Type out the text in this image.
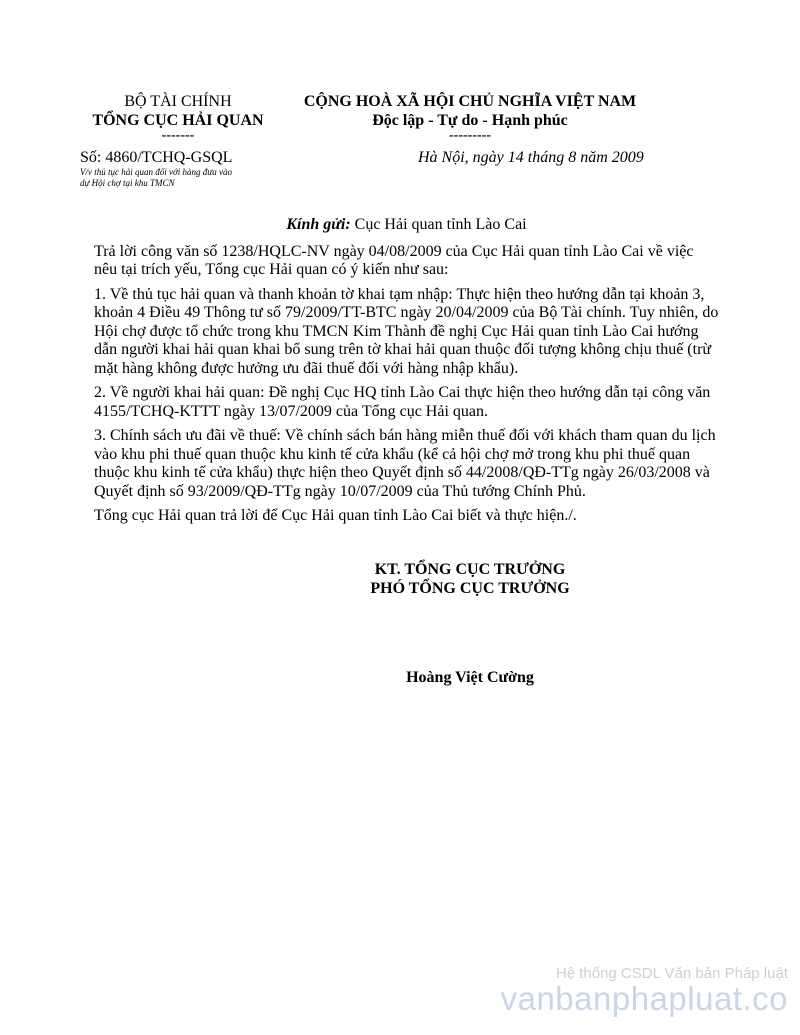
BỘ TÀI CHÍNH
TỔNG CỤC HẢI QUAN
-------
CỘNG HOÀ XÃ HỘI CHỦ NGHĨA VIỆT NAM
Độc lập - Tự do - Hạnh phúc
---------
Số: 4860/TCHQ-GSQL
V/v thủ tục hải quan đối với hàng đưa vào
dự Hội chợ tại khu TMCN
Hà Nội, ngày 14 tháng 8 năm 2009

Kính gửi: Cục Hải quan tỉnh Lào Cai

Trả lời công văn số 1238/HQLC-NV ngày 04/08/2009 của Cục Hải quan tỉnh Lào Cai về việc nêu tại trích yếu, Tổng cục Hải quan có ý kiến như sau:

1. Về thủ tục hải quan và thanh khoản tờ khai tạm nhập: Thực hiện theo hướng dẫn tại khoản 3, khoản 4 Điều 49 Thông tư số 79/2009/TT-BTC ngày 20/04/2009 của Bộ Tài chính. Tuy nhiên, do Hội chợ được tổ chức trong khu TMCN Kim Thành đề nghị Cục Hải quan tỉnh Lào Cai hướng dẫn người khai hải quan khai bổ sung trên tờ khai hải quan thuộc đối tượng không chịu thuế (trừ mặt hàng không được hưởng ưu đãi thuế đối với hàng nhập khẩu).

2. Về người khai hải quan: Đề nghị Cục HQ tỉnh Lào Cai thực hiện theo hướng dẫn tại công văn 4155/TCHQ-KTTT ngày 13/07/2009 của Tổng cục Hải quan.

3. Chính sách ưu đãi về thuế: Về chính sách bán hàng miễn thuế đối với khách tham quan du lịch vào khu phi thuế quan thuộc khu kinh tế cửa khẩu (kể cả hội chợ mở trong khu phi thuế quan thuộc khu kinh tế cửa khẩu) thực hiện theo Quyết định số 44/2008/QĐ-TTg ngày 26/03/2008 và Quyết định số 93/2009/QĐ-TTg ngày 10/07/2009 của Thủ tướng Chính Phủ.

Tổng cục Hải quan trả lời để Cục Hải quan tỉnh Lào Cai biết và thực hiện./.

KT. TỔNG CỤC TRƯỞNG
PHÓ TỔNG CỤC TRƯỞNG
Hoàng Việt Cường
Hệ thống CSDL Văn bản Pháp luật
vanbanphapluat.co
